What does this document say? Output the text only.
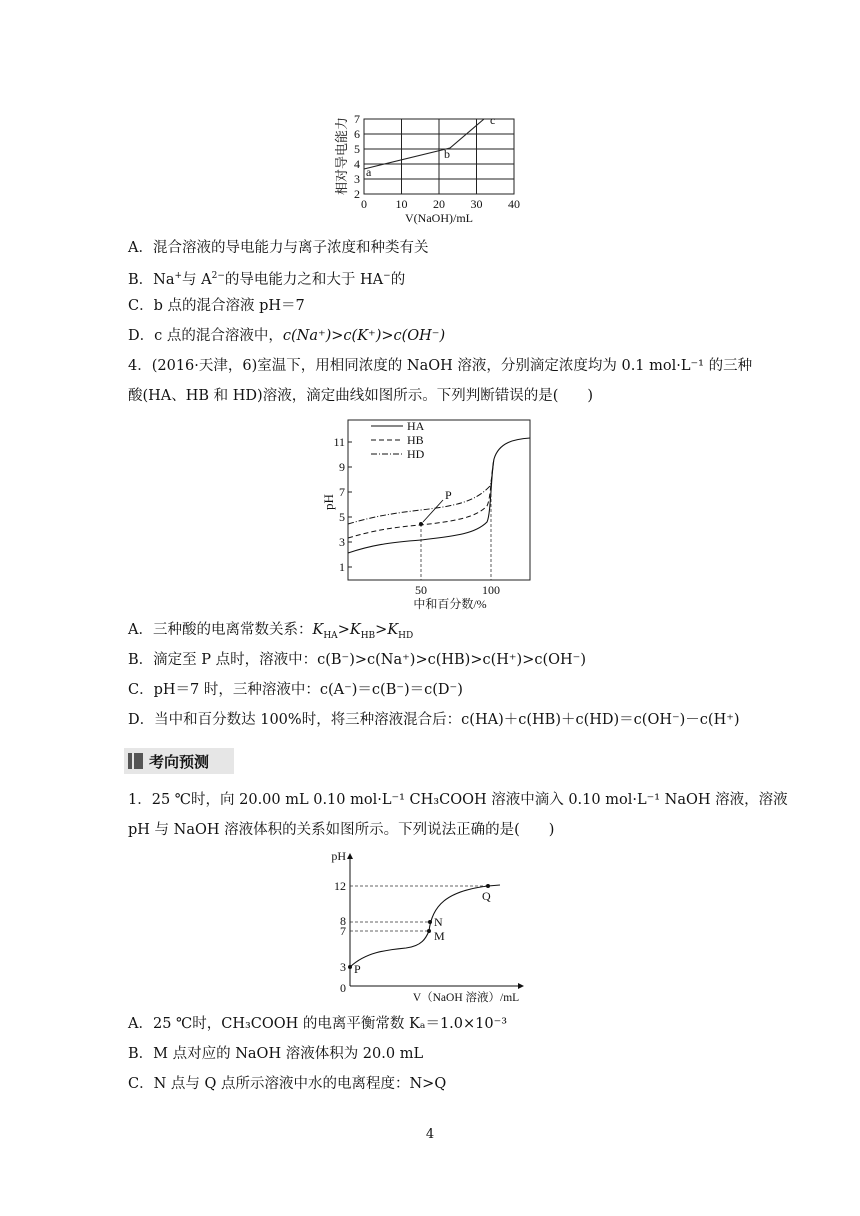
2
3
4
5
6
7
0 10 20 30 40
V(NaOH)/mL
a
b
c
相对导电能力
A．混合溶液的导电能力与离子浓度和种类有关
B．Na+与 $A^{2-}$的导电能力之和大于 HA−的
C．b 点的混合溶液 pH＝7
D．c 点的混合溶液中，c(Na⁺)>c(K⁺)>c(OH⁻)
4．(2016·天津，6)室温下，用相同浓度的 NaOH 溶液，分别滴定浓度均为 0.1 mol·L⁻¹ 的三种
酸(HA、HB 和 HD)溶液，滴定曲线如图所示。下列判断错误的是(　　)
1
3
5
7
9
11
50	100
中和百分数/%
pH	P
HA
HB
HD
A．三种酸的电离常数关系：$K_{HA}>K_{HB}>K_{HD}$
B．滴定至 P 点时，溶液中：c(B⁻)>c(Na⁺)>c(HB)>c(H⁺)>c(OH⁻)
C．pH＝7 时，三种溶液中：c(A⁻)＝c(B⁻)＝c(D⁻)
D．当中和百分数达 100%时，将三种溶液混合后：c(HA)＋c(HB)＋c(HD)＝c(OH⁻)－c(H⁺)
考向预测
1．25 ℃时，向 20.00 mL 0.10 mol·L⁻¹ CH₃COOH 溶液中滴入 0.10 mol·L⁻¹ NaOH 溶液，溶液
pH 与 NaOH 溶液体积的关系如图所示。下列说法正确的是(　　)
pH
12
8
7
3
0
Q
N
M
P
V（NaOH 溶液）/mL
A．25 ℃时，CH₃COOH 的电离平衡常数 Kₐ＝1.0×10⁻³
B．M 点对应的 NaOH 溶液体积为 20.0 mL
C．N 点与 Q 点所示溶液中水的电离程度：N>Q
4
